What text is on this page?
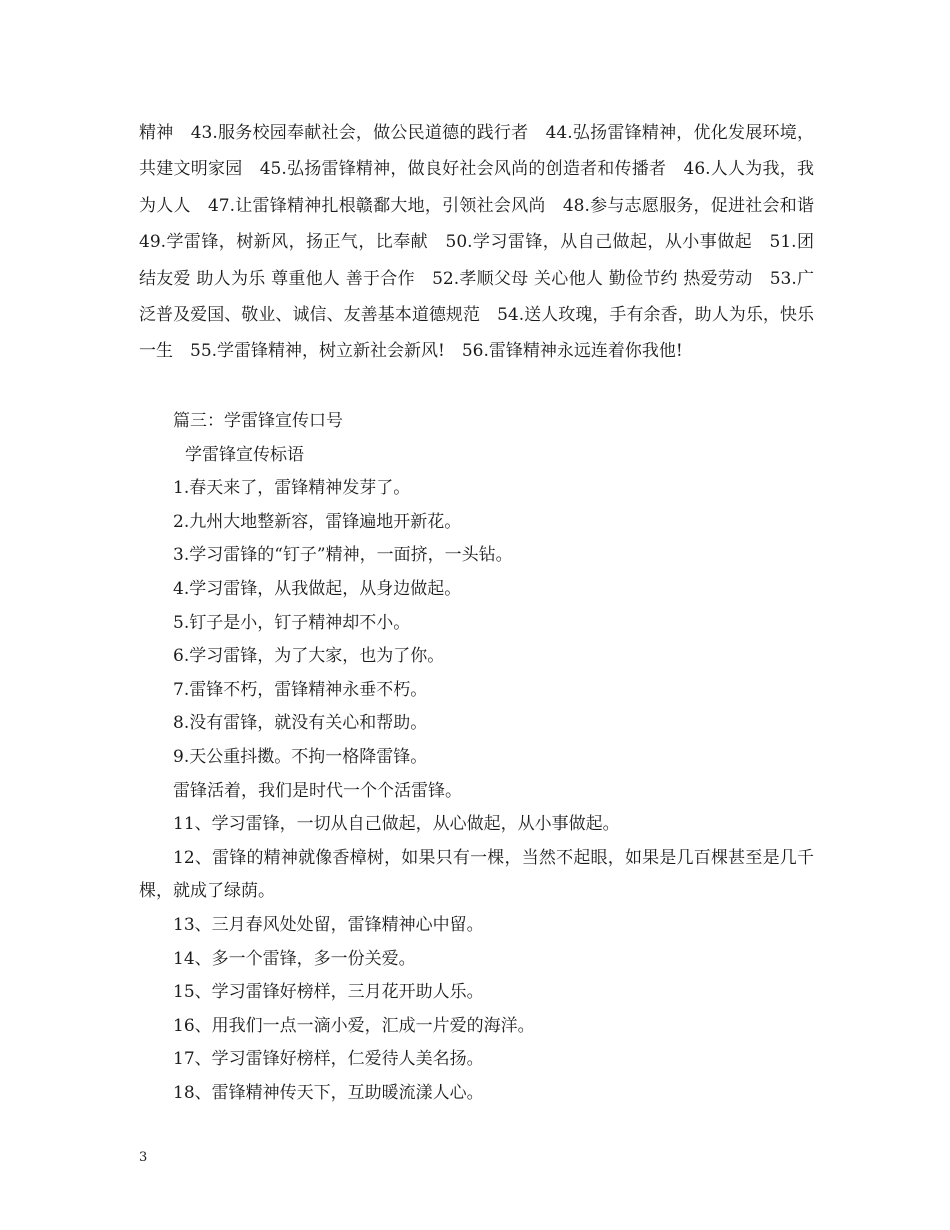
精神　43.服务校园奉献社会，做公民道德的践行者　44.弘扬雷锋精神，优化发展环境，共建文明家园　45.弘扬雷锋精神，做良好社会风尚的创造者和传播者　46.人人为我，我为人人　47.让雷锋精神扎根赣鄱大地，引领社会风尚　48.参与志愿服务，促进社会和谐　49.学雷锋，树新风，扬正气，比奉献　50.学习雷锋，从自己做起，从小事做起　51.团结友爱 助人为乐 尊重他人 善于合作　52.孝顺父母 关心他人 勤俭节约 热爱劳动　53.广泛普及爱国、敬业、诚信、友善基本道德规范　54.送人玫瑰，手有余香，助人为乐，快乐一生　55.学雷锋精神，树立新社会新风!　56.雷锋精神永远连着你我他!
篇三：学雷锋宣传口号
学雷锋宣传标语
1.春天来了，雷锋精神发芽了。
2.九州大地整新容，雷锋遍地开新花。
3.学习雷锋的“钉子”精神，一面挤，一头钻。
4.学习雷锋，从我做起，从身边做起。
5.钉子是小，钉子精神却不小。
6.学习雷锋，为了大家，也为了你。
7.雷锋不朽，雷锋精神永垂不朽。
8.没有雷锋，就没有关心和帮助。
9.天公重抖擞。不拘一格降雷锋。
雷锋活着，我们是时代一个个活雷锋。
11、学习雷锋，一切从自己做起，从心做起，从小事做起。
12、雷锋的精神就像香樟树，如果只有一棵，当然不起眼，如果是几百棵甚至是几千棵，就成了绿荫。
13、三月春风处处留，雷锋精神心中留。
14、多一个雷锋，多一份关爱。
15、学习雷锋好榜样，三月花开助人乐。
16、用我们一点一滴小爱，汇成一片爱的海洋。
17、学习雷锋好榜样，仁爱待人美名扬。
18、雷锋精神传天下，互助暖流漾人心。
3
